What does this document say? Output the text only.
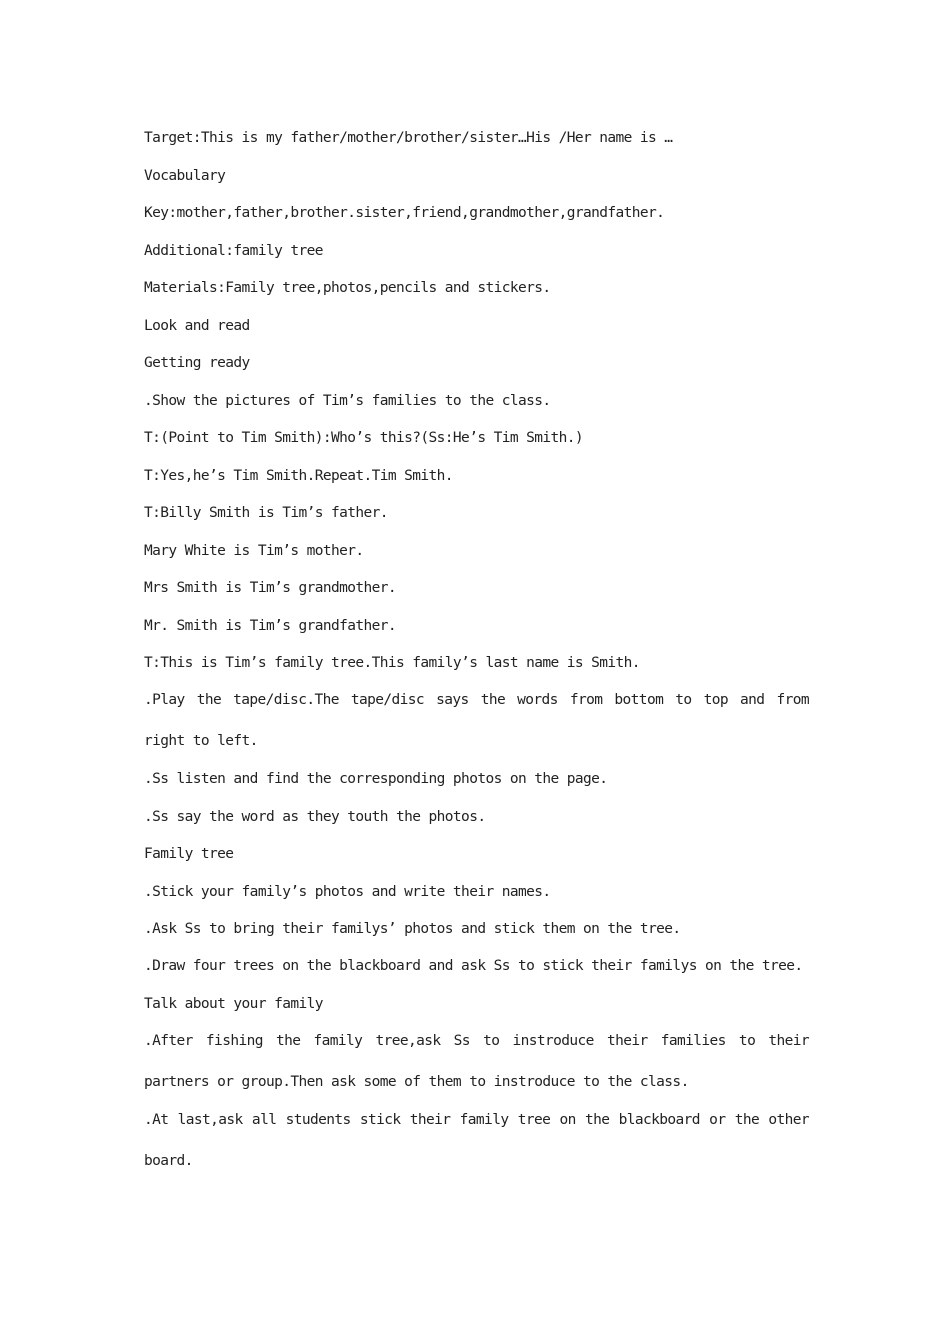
Target:This is my father/mother/brother/sister…His /Her name is …

Vocabulary

Key:mother,father,brother.sister,friend,grandmother,grandfather.

Additional:family tree

Materials:Family tree,photos,pencils and stickers.

Look and read

Getting ready

.Show the pictures of Tim’s families to the class.

T:(Point to Tim Smith):Who’s this?(Ss:He’s Tim Smith.)

T:Yes,he’s Tim Smith.Repeat.Tim Smith.

T:Billy Smith is Tim’s father.

Mary White is Tim’s mother.

Mrs Smith is Tim’s grandmother.

Mr. Smith is Tim’s grandfather.

T:This is Tim’s family tree.This family’s last name is Smith.

.Play the tape/disc.The tape/disc says the words from bottom to top and from right to left.

.Ss listen and find the corresponding photos on the page.

.Ss say the word as they touth the photos.

Family tree

.Stick your family’s photos and write their names.

.Ask Ss to bring their familys’ photos and stick them on the tree.

.Draw four trees on the blackboard and ask Ss to stick their familys on the tree.

Talk about your family

.After fishing the family tree,ask Ss to instroduce their families to their partners or group.Then ask some of them to instroduce to the class.

.At last,ask all students stick their family tree on the blackboard or the other board.
